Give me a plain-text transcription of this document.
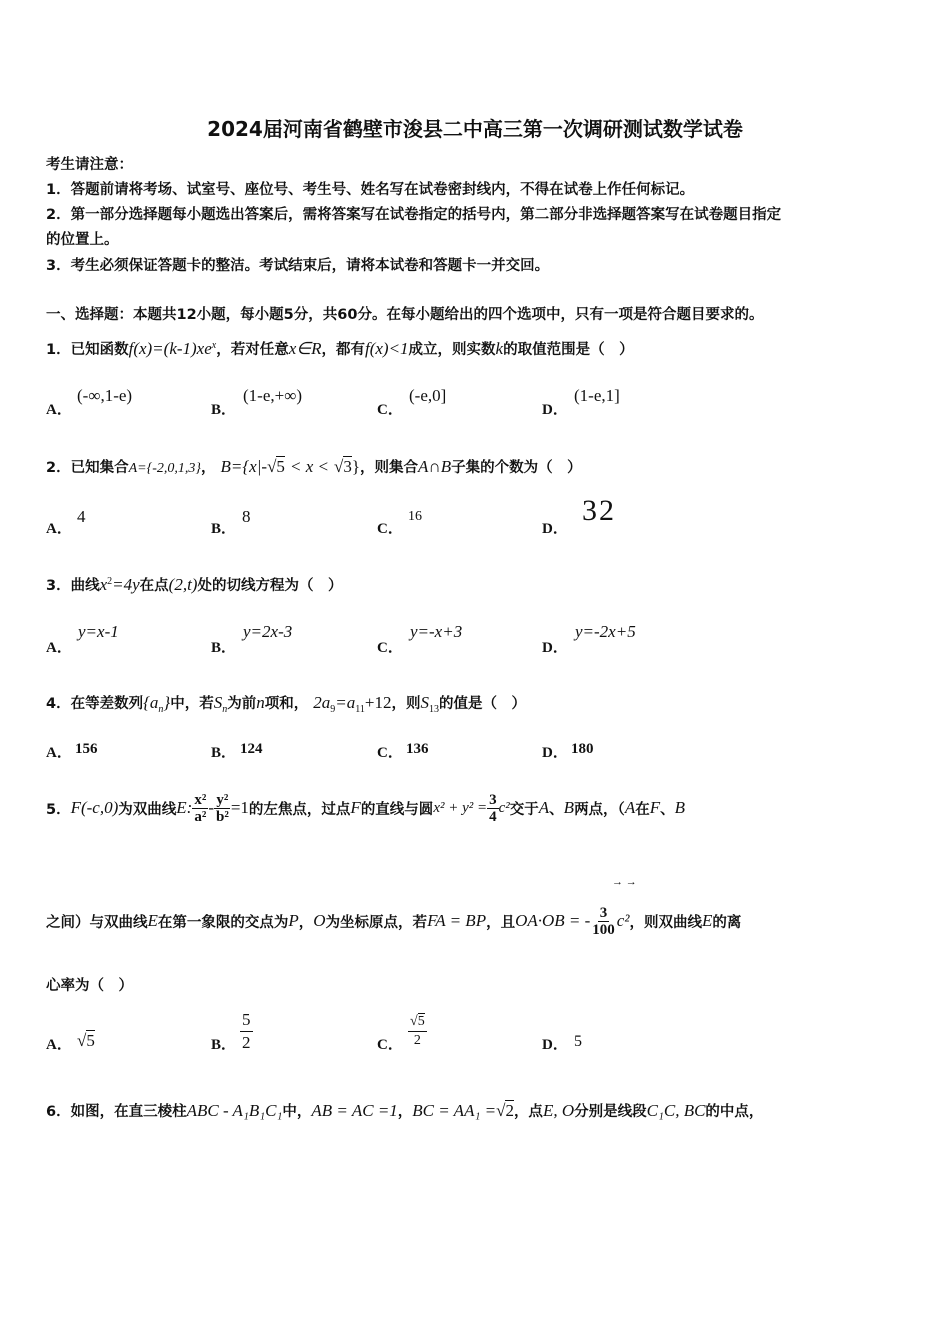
2024届河南省鹤壁市浚县二中高三第一次调研测试数学试卷
考生请注意：
1．答题前请将考场、试室号、座位号、考生号、姓名写在试卷密封线内，不得在试卷上作任何标记。
2．第一部分选择题每小题选出答案后，需将答案写在试卷指定的括号内，第二部分非选择题答案写在试卷题目指定
的位置上。
3．考生必须保证答题卡的整洁。考试结束后，请将本试卷和答题卡一并交回。
一、选择题：本题共12小题，每小题5分，共60分。在每小题给出的四个选项中，只有一项是符合题目要求的。
1．已知函数$f(x)=(k-1)xe^x$，若对任意x∈R，都有f(x)<1成立，则实数k的取值范围是（　）
A．
(-∞,1-e)
B．
(1-e,+∞)
C．
(-e,0]
D．
(1-e,1]
2．已知集合A={-2,0,1,3}， B={x|-√5 < x < √3}，则集合A∩B子集的个数为（　）
A．
4
B．
8
C．
16
D．
32
3．曲线$x^2=4y$在点(2,t)处的切线方程为（　）
A．
y=x-1
B．
y=2x-3
C．
y=-x+3
D．
y=-2x+5
4．在等差数列$\{a_n\}$中，若$S_n$为前n项和， $2a_9=a_{11}+12$，则$S_{13}$的值是（　）
A． 156	B． 124	C． 136	D． 180
5． F(-c,0) 为双曲线 E: $\frac{\text{x²}}{\text{a²}} - \frac{\text{y²}}{\text{b²}} =1$ 的左焦点，过点 F 的直线与圆 $x^2 + y^2 = \frac{3}{4} c^2$ 交于 A 、 B 两点，（ A 在 F 、 B
→ →
之间）与双曲线 E 在第一象限的交点为 P ， O 为坐标原点，若 FA = BP ，且 OA·OB = - $\frac{3}{100} c^2$ ，则双曲线 E 的离
心率为（　）
A． √5	B． $\frac{5}{2}$	C． $\frac{√5}{2}$	D． 5
6．如图，在直三棱柱ABC - A₁B₁C₁中，AB = AC =1，BC = AA₁ =√2，点E, O分别是线段C₁C, BC的中点，
